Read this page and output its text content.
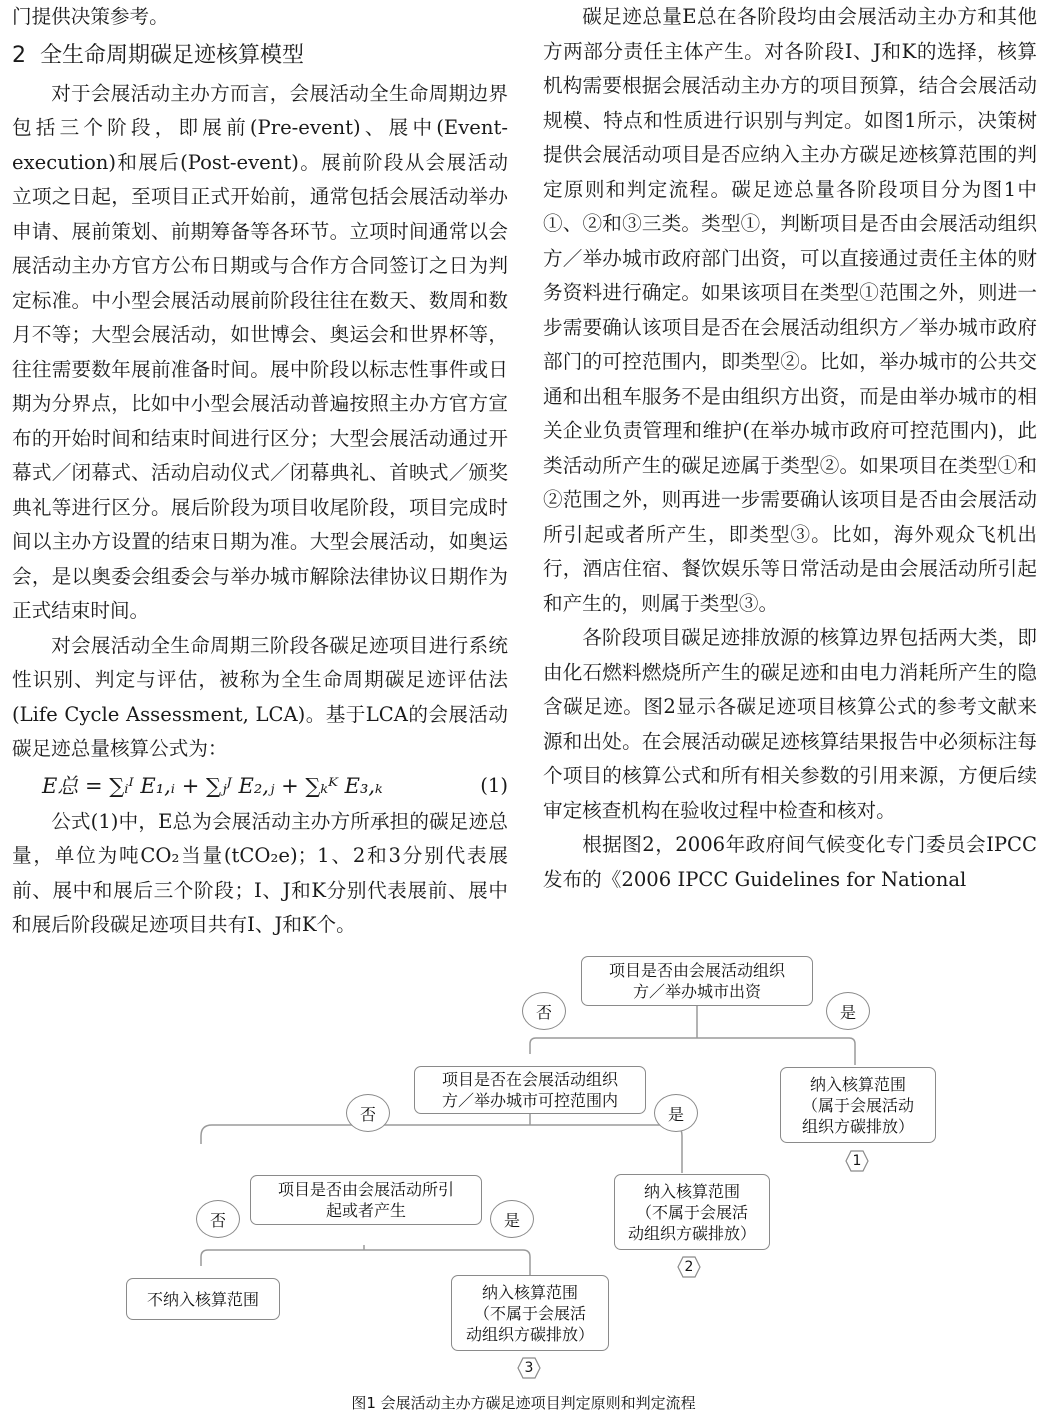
门提供决策参考。

2 全生命周期碳足迹核算模型

对于会展活动主办方而言，会展活动全生命周期边界包括三个阶段，即展前(Pre-event)、展中(Event-execution)和展后(Post-event)。展前阶段从会展活动立项之日起，至项目正式开始前，通常包括会展活动举办申请、展前策划、前期筹备等各环节。立项时间通常以会展活动主办方官方公布日期或与合作方合同签订之日为判定标准。中小型会展活动展前阶段往往在数天、数周和数月不等；大型会展活动，如世博会、奥运会和世界杯等，往往需要数年展前准备时间。展中阶段以标志性事件或日期为分界点，比如中小型会展活动普遍按照主办方官方宣布的开始时间和结束时间进行区分；大型会展活动通过开幕式／闭幕式、活动启动仪式／闭幕典礼、首映式／颁奖典礼等进行区分。展后阶段为项目收尾阶段，项目完成时间以主办方设置的结束日期为准。大型会展活动，如奥运会，是以奥委会组委会与举办城市解除法律协议日期作为正式结束时间。

对会展活动全生命周期三阶段各碳足迹项目进行系统性识别、判定与评估，被称为全生命周期碳足迹评估法(Life Cycle Assessment, LCA)。基于LCA的会展活动碳足迹总量核算公式为：

E总 = ∑ᵢᴵ E₁,ᵢ + ∑ⱼᴶ E₂,ⱼ + ∑ₖᴷ E₃,ₖ	(1)

公式(1)中，E总为会展活动主办方所承担的碳足迹总量，单位为吨CO₂当量(tCO₂e)；1、2和3分别代表展前、展中和展后三个阶段；I、J和K分别代表展前、展中和展后阶段碳足迹项目共有I、J和K个。

碳足迹总量E总在各阶段均由会展活动主办方和其他方两部分责任主体产生。对各阶段I、J和K的选择，核算机构需要根据会展活动主办方的项目预算，结合会展活动规模、特点和性质进行识别与判定。如图1所示，决策树提供会展活动项目是否应纳入主办方碳足迹核算范围的判定原则和判定流程。碳足迹总量各阶段项目分为图1中①、②和③三类。类型①，判断项目是否由会展活动组织方／举办城市政府部门出资，可以直接通过责任主体的财务资料进行确定。如果该项目在类型①范围之外，则进一步需要确认该项目是否在会展活动组织方／举办城市政府部门的可控范围内，即类型②。比如，举办城市的公共交通和出租车服务不是由组织方出资，而是由举办城市的相关企业负责管理和维护(在举办城市政府可控范围内)，此类活动所产生的碳足迹属于类型②。如果项目在类型①和②范围之外，则再进一步需要确认该项目是否由会展活动所引起或者所产生，即类型③。比如，海外观众飞机出行，酒店住宿、餐饮娱乐等日常活动是由会展活动所引起和产生的，则属于类型③。

各阶段项目碳足迹排放源的核算边界包括两大类，即由化石燃料燃烧所产生的碳足迹和由电力消耗所产生的隐含碳足迹。图2显示各碳足迹项目核算公式的参考文献来源和出处。在会展活动碳足迹核算结果报告中必须标注每个项目的核算公式和所有相关参数的引用来源，方便后续审定核查机构在验收过程中检查和核对。

根据图2，2006年政府间气候变化专门委员会IPCC发布的《2006 IPCC Guidelines for National

项目是否由会展活动组织
方／举办城市出资
项目是否在会展活动组织
方／举办城市可控范围内
项目是否由会展活动所引
起或者产生
否	是
否	是
否	是
纳入核算范围
（属于会展活动
组织方碳排放）
纳入核算范围
（不属于会展活
动组织方碳排放）
纳入核算范围
（不属于会展活
动组织方碳排放）
不纳入核算范围
1
2
3
图1 会展活动主办方碳足迹项目判定原则和判定流程
